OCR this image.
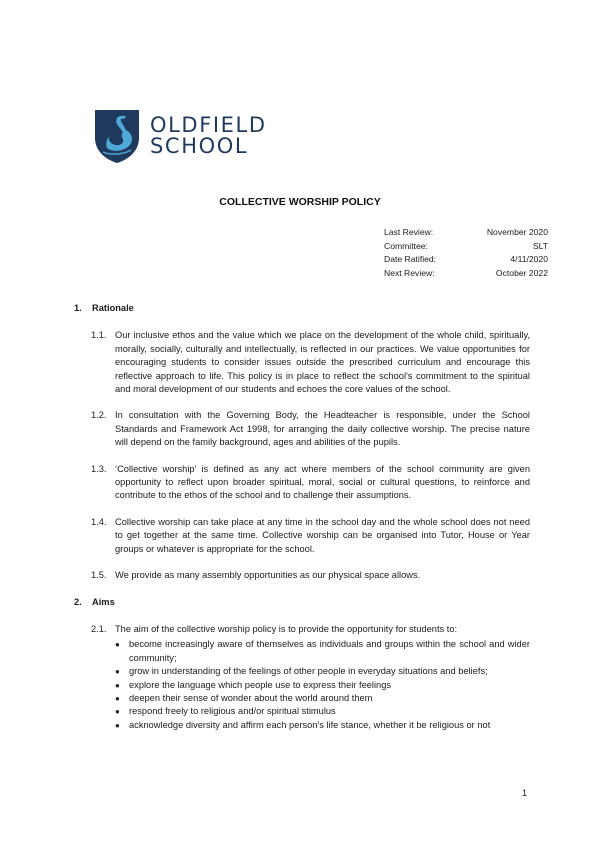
OLDFIELD
SCHOOL
COLLECTIVE WORSHIP POLICY
Last Review:	November 2020
Committee:	SLT
Date Ratified:	4/11/2020
Next Review:	October 2022
1.	Rationale
1.1. Our inclusive ethos and the value which we place on the development of the whole child, spiritually, morally, socially, culturally and intellectually, is reflected in our practices. We value opportunities for encouraging students to consider issues outside the prescribed curriculum and encourage this reflective approach to life. This policy is in place to reflect the school's commitment to the spiritual and moral development of our students and echoes the core values of the school.
1.2. In consultation with the Governing Body, the Headteacher is responsible, under the School Standards and Framework Act 1998, for arranging the daily collective worship. The precise nature will depend on the family background, ages and abilities of the pupils.
1.3. ‘Collective worship’ is defined as any act where members of the school community are given opportunity to reflect upon broader spiritual, moral, social or cultural questions, to reinforce and contribute to the ethos of the school and to challenge their assumptions.
1.4. Collective worship can take place at any time in the school day and the whole school does not need to get together at the same time. Collective worship can be organised into Tutor, House or Year groups or whatever is appropriate for the school.
1.5. We provide as many assembly opportunities as our physical space allows.
2.	Aims
2.1. The aim of the collective worship policy is to provide the opportunity for students to:
● become increasingly aware of themselves as individuals and groups within the school and wider community;
● grow in understanding of the feelings of other people in everyday situations and beliefs;
● explore the language which people use to express their feelings
● deepen their sense of wonder about the world around them
● respond freely to religious and/or spiritual stimulus
● acknowledge diversity and affirm each person's life stance, whether it be religious or not
1
